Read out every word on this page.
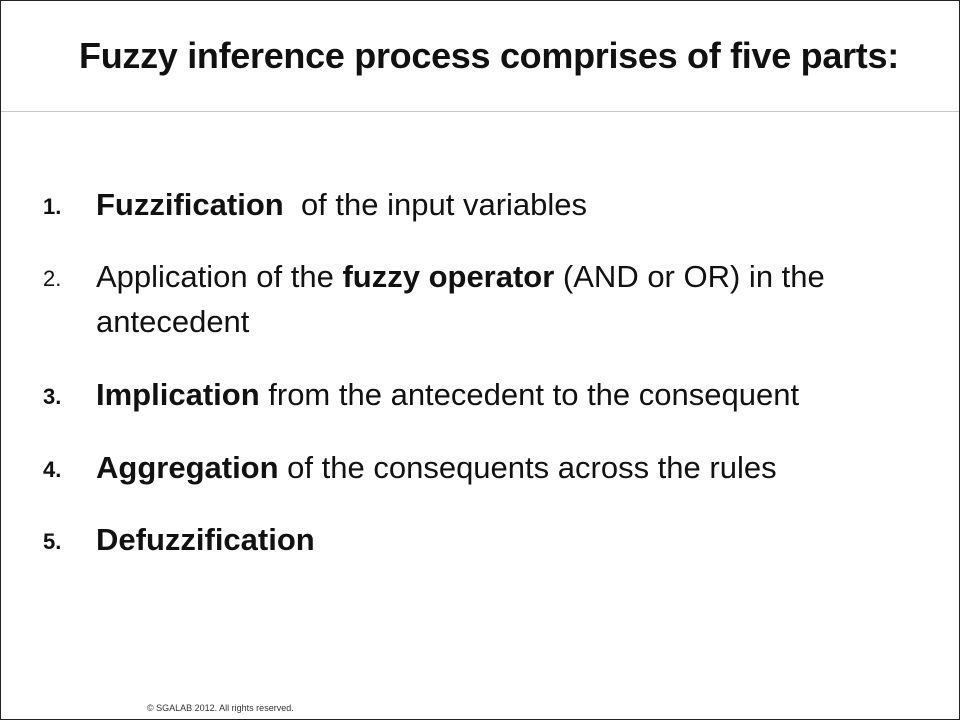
Fuzzy inference process comprises of five parts:
1. Fuzzification  of the input variables
2. Application of the fuzzy operator (AND or OR) in the antecedent
3. Implication from the antecedent to the consequent
4. Aggregation of the consequents across the rules
5. Defuzzification
© SGALAB 2012. All rights reserved.
